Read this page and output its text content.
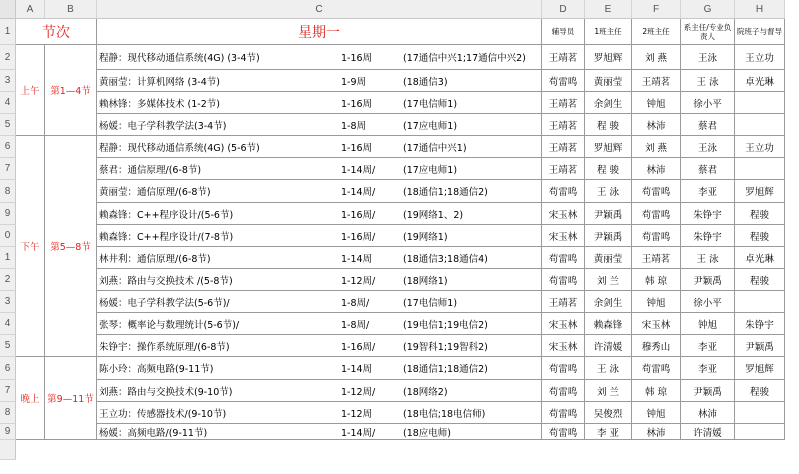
A	B	C	D	E	F	G	H
1
2
3
4
5
6
7
8
9
0
1
2
3
4
5
6
7
8
9
节次	星期一	辅导员	1班主任	2班主任	系主任/专业负责人	院班子与督导
上午	第1—4节
下午	第5—8节
晚上 第9—11节
程静：现代移动通信系统(4G) (3-4节)	1-16周	(17通信中兴1;17通信中兴2)	王靖茗	罗旭辉	刘 燕	王泳	王立功
黄丽莹：计算机网络 (3-4节)	1-9周	(18通信3)	苟雷鸣	黄丽莹	王靖茗	王 泳	卓光琳
赖林锋：多媒体技术 (1-2节)	1-16周	(17电信师1)	王靖茗	余剑生	钟旭	徐小平
杨媛：电子学科教学法(3-4节)	1-8周	(17应电师1)	王靖茗	程 骏	林沛	蔡君
程静：现代移动通信系统(4G) (5-6节)	1-16周	(17通信中兴1)	王靖茗	罗旭辉	刘 燕	王泳	王立功
蔡君：通信原理/(6-8节)	1-14周/	(17应电师1)	王靖茗	程 骏	林沛	蔡君
黄丽莹：通信原理/(6-8节)	1-14周/	(18通信1;18通信2)	苟雷鸣	王 泳	苟雷鸣	李亚	罗旭辉
赖森锋：C++程序设计/(5-6节)	1-16周/	(19网络1、2)	宋玉林	尹颖禹	苟雷鸣	朱铮宇	程骏
赖森锋：C++程序设计/(7-8节)	1-16周/	(19网络1)	宋玉林	尹颖禹	苟雷鸣	朱铮宇	程骏
林井利：通信原理/(6-8节)	1-14周	(18通信3;18通信4)	苟雷鸣	黄丽莹	王靖茗	王 泳	卓光琳
刘燕：路由与交换技术 /(5-8节)	1-12周/	(18网络1)	苟雷鸣	刘 兰	韩 琼	尹颖禹	程骏
杨媛：电子学科教学法(5-6节)/	1-8周/	(17电信师1)	王靖茗	余剑生	钟旭	徐小平
张琴：概率论与数理统计(5-6节)/	1-8周/	(19电信1;19电信2)	宋玉林	赖森锋	宋玉林	钟旭	朱铮宇
朱铮宇：操作系统原理/(6-8节)	1-16周/	(19智科1;19智科2)	宋玉林	许清媛	穆秀山	李亚	尹颖禹
陈小玲：高频电路(9-11节)	1-14周	(18通信1;18通信2)	苟雷鸣	王 泳	苟雷鸣	李亚	罗旭辉
刘燕：路由与交换技术(9-10节)	1-12周/	(18网络2)	苟雷鸣	刘 兰	韩 琼	尹颖禹	程骏
王立功：传感器技术/(9-10节)	1-12周	(18电信;18电信师)	苟雷鸣	吴俊烈	钟旭	林沛
杨媛：高频电路/(9-11节)	1-14周/	(18应电师)	苟雷鸣	李 亚	林沛	许清媛
